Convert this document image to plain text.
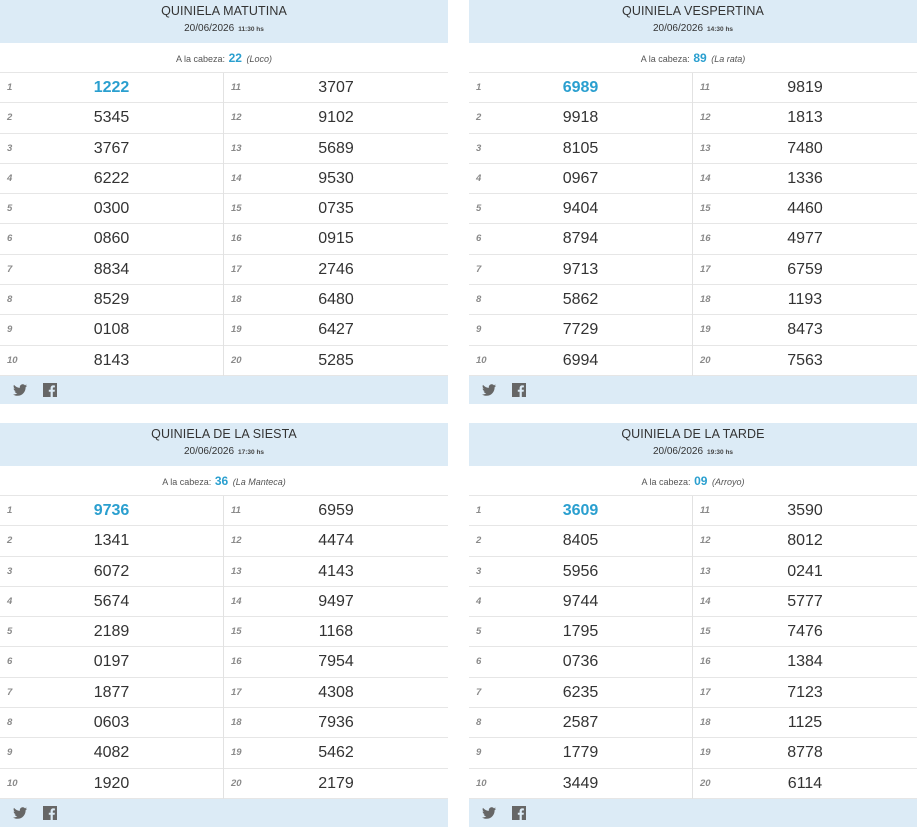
QUINIELA MATUTINA
20/06/2026 11:30 hs
A la cabeza: 22 (Loco)
1	1222
2	5345
3	3767
4	6222
5	0300
6	0860
7	8834
8	8529
9	0108
10	8143
11	3707
12	9102
13	5689
14	9530
15	0735
16	0915
17	2746
18	6480
19	6427
20	5285
QUINIELA VESPERTINA
20/06/2026 14:30 hs
A la cabeza: 89 (La rata)
1	6989
2	9918
3	8105
4	0967
5	9404
6	8794
7	9713
8	5862
9	7729
10	6994
11	9819
12	1813
13	7480
14	1336
15	4460
16	4977
17	6759
18	1193
19	8473
20	7563
QUINIELA DE LA SIESTA
20/06/2026 17:30 hs
A la cabeza: 36 (La Manteca)
1	9736
2	1341
3	6072
4	5674
5	2189
6	0197
7	1877
8	0603
9	4082
10	1920
11	6959
12	4474
13	4143
14	9497
15	1168
16	7954
17	4308
18	7936
19	5462
20	2179
QUINIELA DE LA TARDE
20/06/2026 19:30 hs
A la cabeza: 09 (Arroyo)
1	3609
2	8405
3	5956
4	9744
5	1795
6	0736
7	6235
8	2587
9	1779
10	3449
11	3590
12	8012
13	0241
14	5777
15	7476
16	1384
17	7123
18	1125
19	8778
20	6114
